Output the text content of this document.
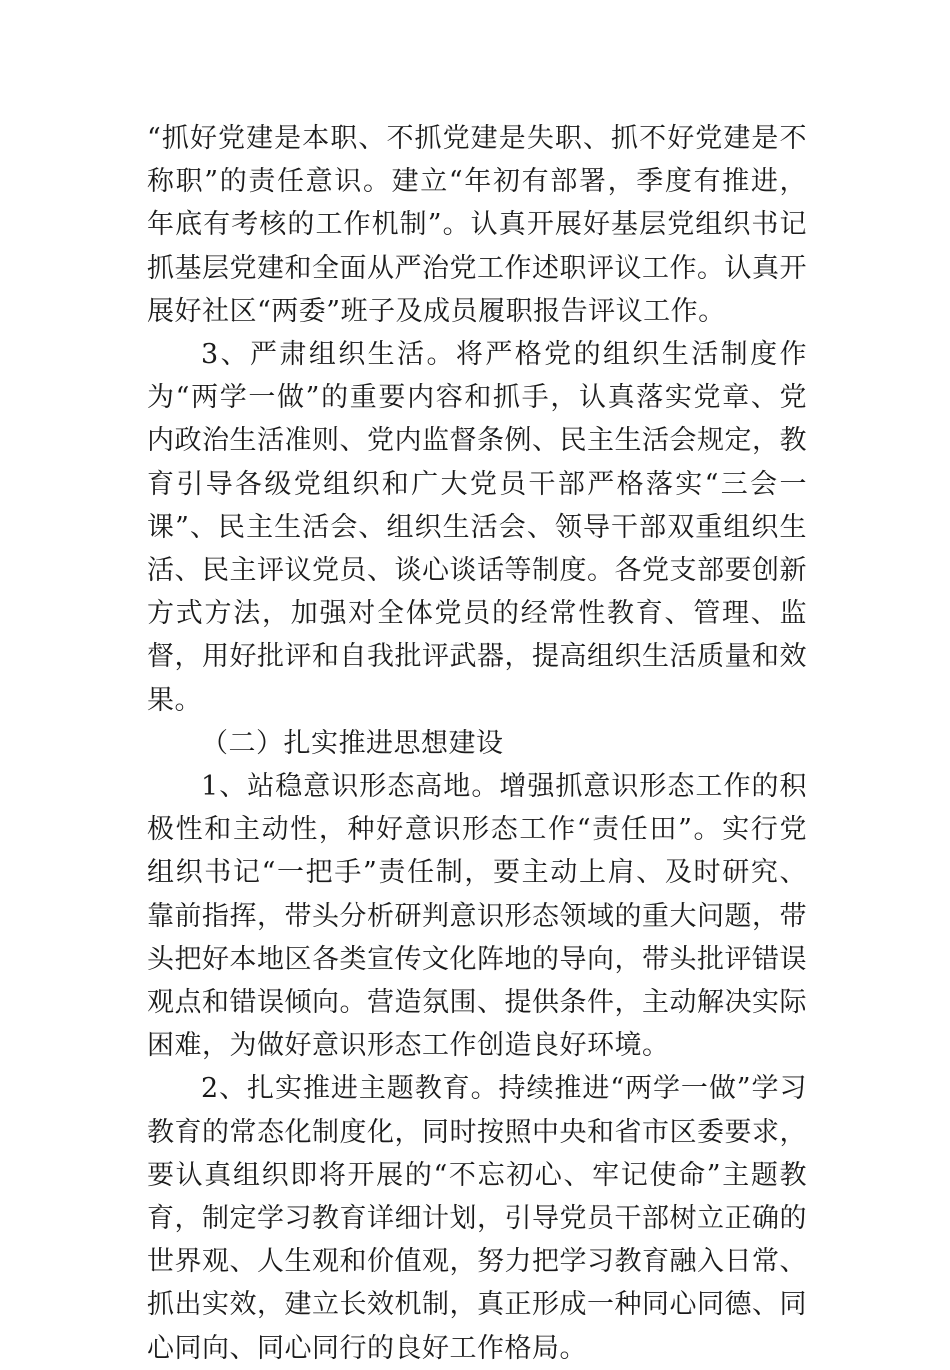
“抓好党建是本职、不抓党建是失职、抓不好党建是不称职”的责任意识。建立“年初有部署，季度有推进，年底有考核的工作机制”。认真开展好基层党组织书记抓基层党建和全面从严治党工作述职评议工作。认真开展好社区“两委”班子及成员履职报告评议工作。

3、严肃组织生活。将严格党的组织生活制度作为“两学一做”的重要内容和抓手，认真落实党章、党内政治生活准则、党内监督条例、民主生活会规定，教育引导各级党组织和广大党员干部严格落实“三会一课”、民主生活会、组织生活会、领导干部双重组织生活、民主评议党员、谈心谈话等制度。各党支部要创新方式方法，加强对全体党员的经常性教育、管理、监督，用好批评和自我批评武器，提高组织生活质量和效果。

（二）扎实推进思想建设

1、站稳意识形态高地。增强抓意识形态工作的积极性和主动性，种好意识形态工作“责任田”。实行党组织书记“一把手”责任制，要主动上肩、及时研究、靠前指挥，带头分析研判意识形态领域的重大问题，带头把好本地区各类宣传文化阵地的导向，带头批评错误观点和错误倾向。营造氛围、提供条件，主动解决实际困难，为做好意识形态工作创造良好环境。

2、扎实推进主题教育。持续推进“两学一做”学习教育的常态化制度化，同时按照中央和省市区委要求，要认真组织即将开展的“不忘初心、牢记使命”主题教育，制定学习教育详细计划，引导党员干部树立正确的世界观、人生观和价值观，努力把学习教育融入日常、抓出实效，建立长效机制，真正形成一种同心同德、同心同向、同心同行的良好工作格局。
